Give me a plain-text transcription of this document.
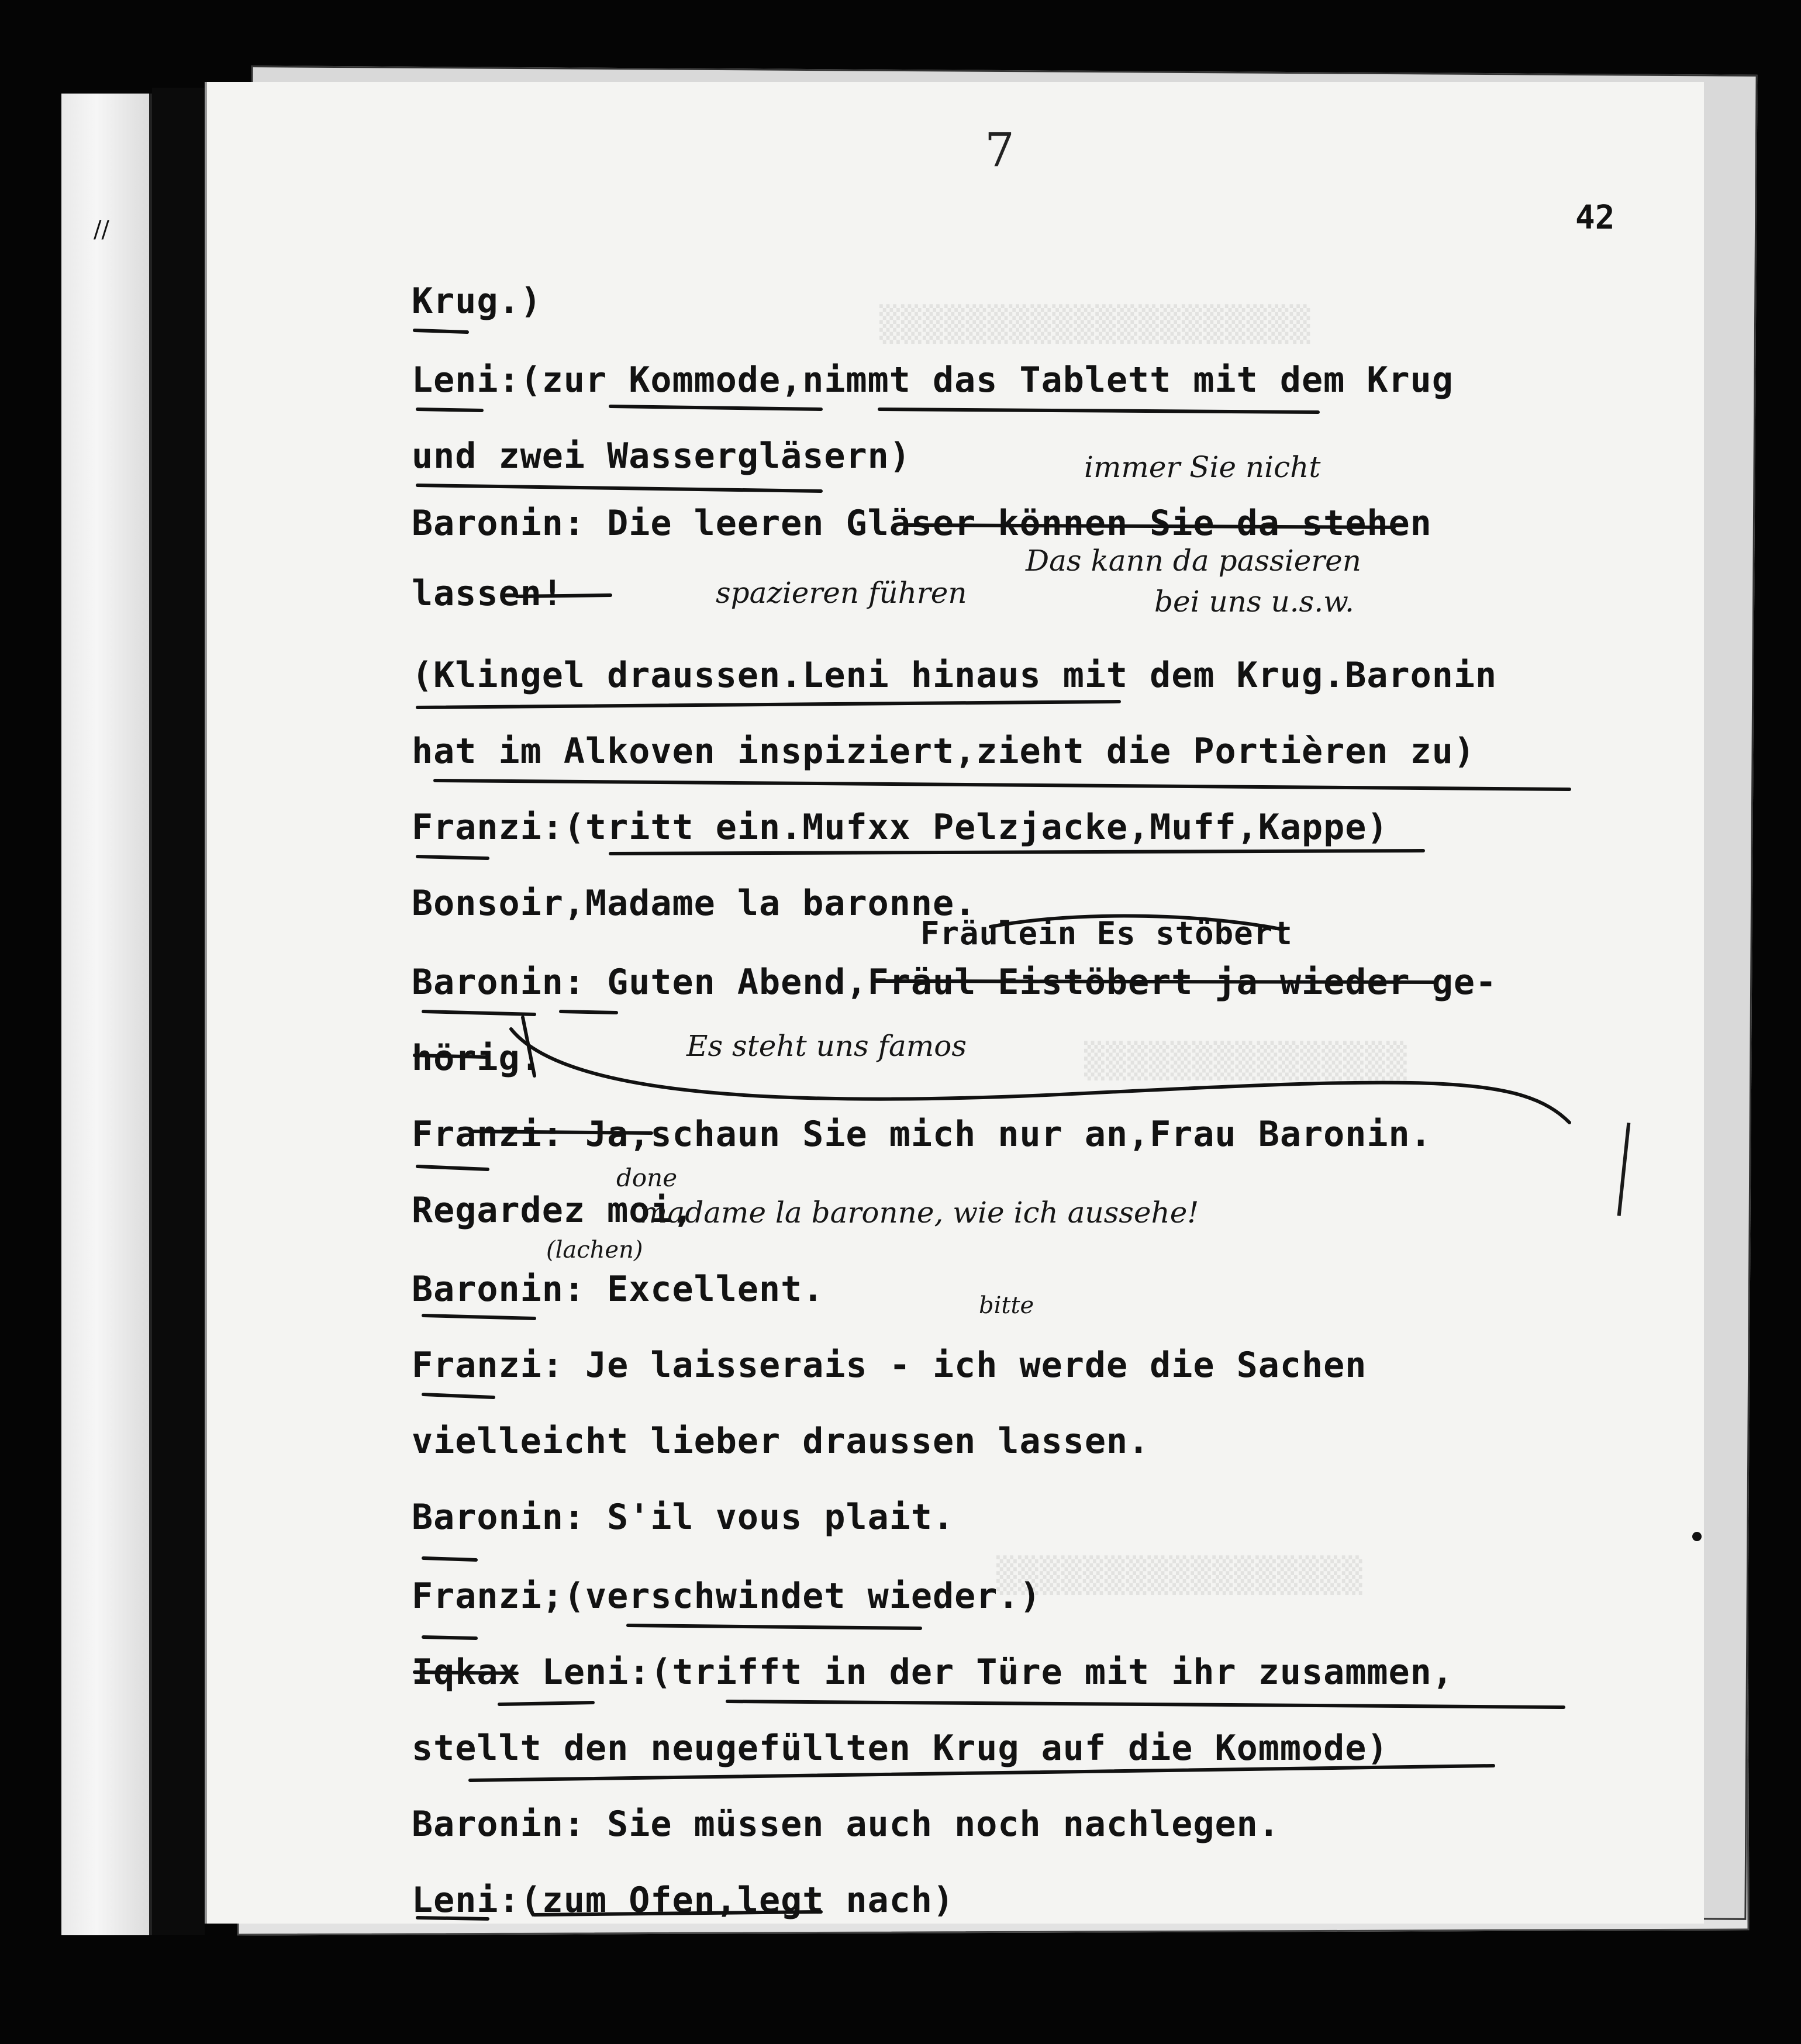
//
▒▒▒▒▒▒▒▒▒▒▒▒▒▒▒▒▒▒▒▒
▒▒▒▒▒▒▒▒▒▒▒▒▒▒▒
▒▒▒▒▒▒▒▒▒▒▒▒▒▒▒▒▒
7
42
Krug.)
Leni:(zur Kommode,nimmt das Tablett mit dem Krug
und zwei Wassergläsern)
Baronin: Die leeren Gläser können Sie da stehen
lassen!
(Klingel draussen.Leni hinaus mit dem Krug.Baronin
hat im Alkoven inspiziert,zieht die Portièren zu)
Franzi:(tritt ein.Mufxx Pelzjacke,Muff,Kappe)
Bonsoir,Madame la baronne.
Fräulein Es stöbert
Baronin: Guten Abend,Fräul Eistöbert ja wieder ge-
hörig.
Franzi: Ja,schaun Sie mich nur an,Frau Baronin.
Regardez moi,
Baronin: Excellent.
Franzi: Je laisserais - ich werde die Sachen
vielleicht lieber draussen lassen.
Baronin: S'il vous plait.
Franzi;(verschwindet wieder.)
Iqkax Leni:(trifft in der Türe mit ihr zusammen,
stellt den neugefüllten Krug auf die Kommode)
Baronin: Sie müssen auch noch nachlegen.
Leni:(zum Ofen,legt nach)
immer Sie nicht
Das kann da passieren
bei uns u.s.w.
spazieren führen
Es steht uns famos
done
madame la baronne, wie ich aussehe!
(lachen)
bitte
